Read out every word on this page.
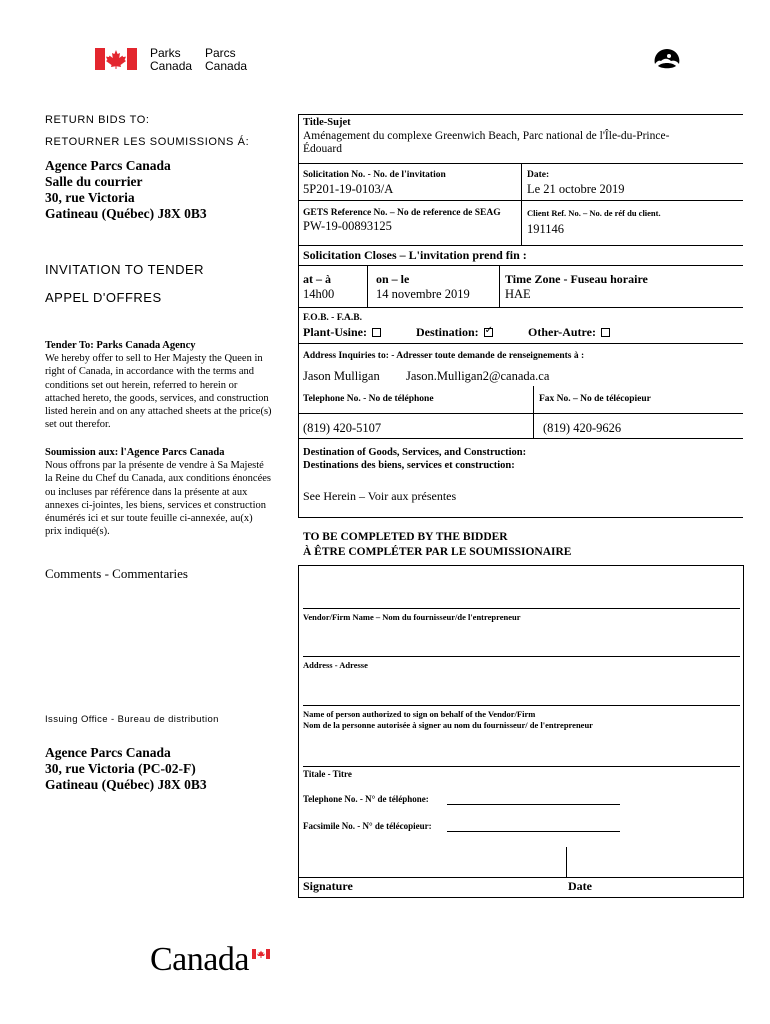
Parks
Canada
Parcs
Canada
RETURN BIDS TO:
RETOURNER LES SOUMISSIONS Á:
Agence Parcs Canada
Salle du courrier
30, rue Victoria
Gatineau (Québec) J8X 0B3
INVITATION TO TENDER
APPEL D'OFFRES
Tender To: Parks Canada Agency
We hereby offer to sell to Her Majesty the Queen in
right of Canada, in accordance with the terms and
conditions set out herein, referred to herein or
attached hereto, the goods, services, and construction
listed herein and on any attached sheets at the price(s)
set out therefor.
Soumission aux: l'Agence Parcs Canada
Nous offrons par la présente de vendre à Sa Majesté
la Reine du Chef du Canada, aux conditions énoncées
ou incluses par référence dans la présente at aux
annexes ci-jointes, les biens, services et construction
énumérés ici et sur toute feuille ci-annexée, au(x)
prix indiqué(s).
Comments - Commentaries
Issuing Office - Bureau de distribution
Agence Parcs Canada
30, rue Victoria (PC-02-F)
Gatineau (Québec) J8X 0B3
Title-Sujet
Aménagement du complexe Greenwich Beach, Parc national de l'Île-du-Prince-
Édouard
Solicitation No. - No. de l'invitation
5P201-19-0103/A
Date:
Le 21 octobre 2019
GETS Reference No. – No de reference de SEAG
PW-19-00893125
Client Ref. No. – No. de réf du client.
191146
Solicitation Closes – L'invitation prend fin :
at – à
14h00
on – le
14 novembre 2019
Time Zone - Fuseau horaire
HAE
F.O.B. - F.A.B.
Plant-Usine:	Destination:✓	Other-Autre:
Address Inquiries to: - Adresser toute demande de renseignements à :
Jason Mulligan Jason.Mulligan2@canada.ca
Telephone No. - No de téléphone	Fax No. – No de télécopieur
(819) 420-5107	(819) 420-9626
Destination of Goods, Services, and Construction:
Destinations des biens, services et construction:
See Herein – Voir aux présentes
TO BE COMPLETED BY THE BIDDER
À ÊTRE COMPLÉTER PAR LE SOUMISSIONAIRE
Vendor/Firm Name – Nom du fournisseur/de l'entrepreneur
Address - Adresse
Name of person authorized to sign on behalf of the Vendor/Firm
Nom de la personne autorisée à signer au nom du fournisseur/ de l'entrepreneur
Titale - Titre
Telephone No. - N° de téléphone:
Facsimile No. - N° de télécopieur:
Signature	Date
Canada
